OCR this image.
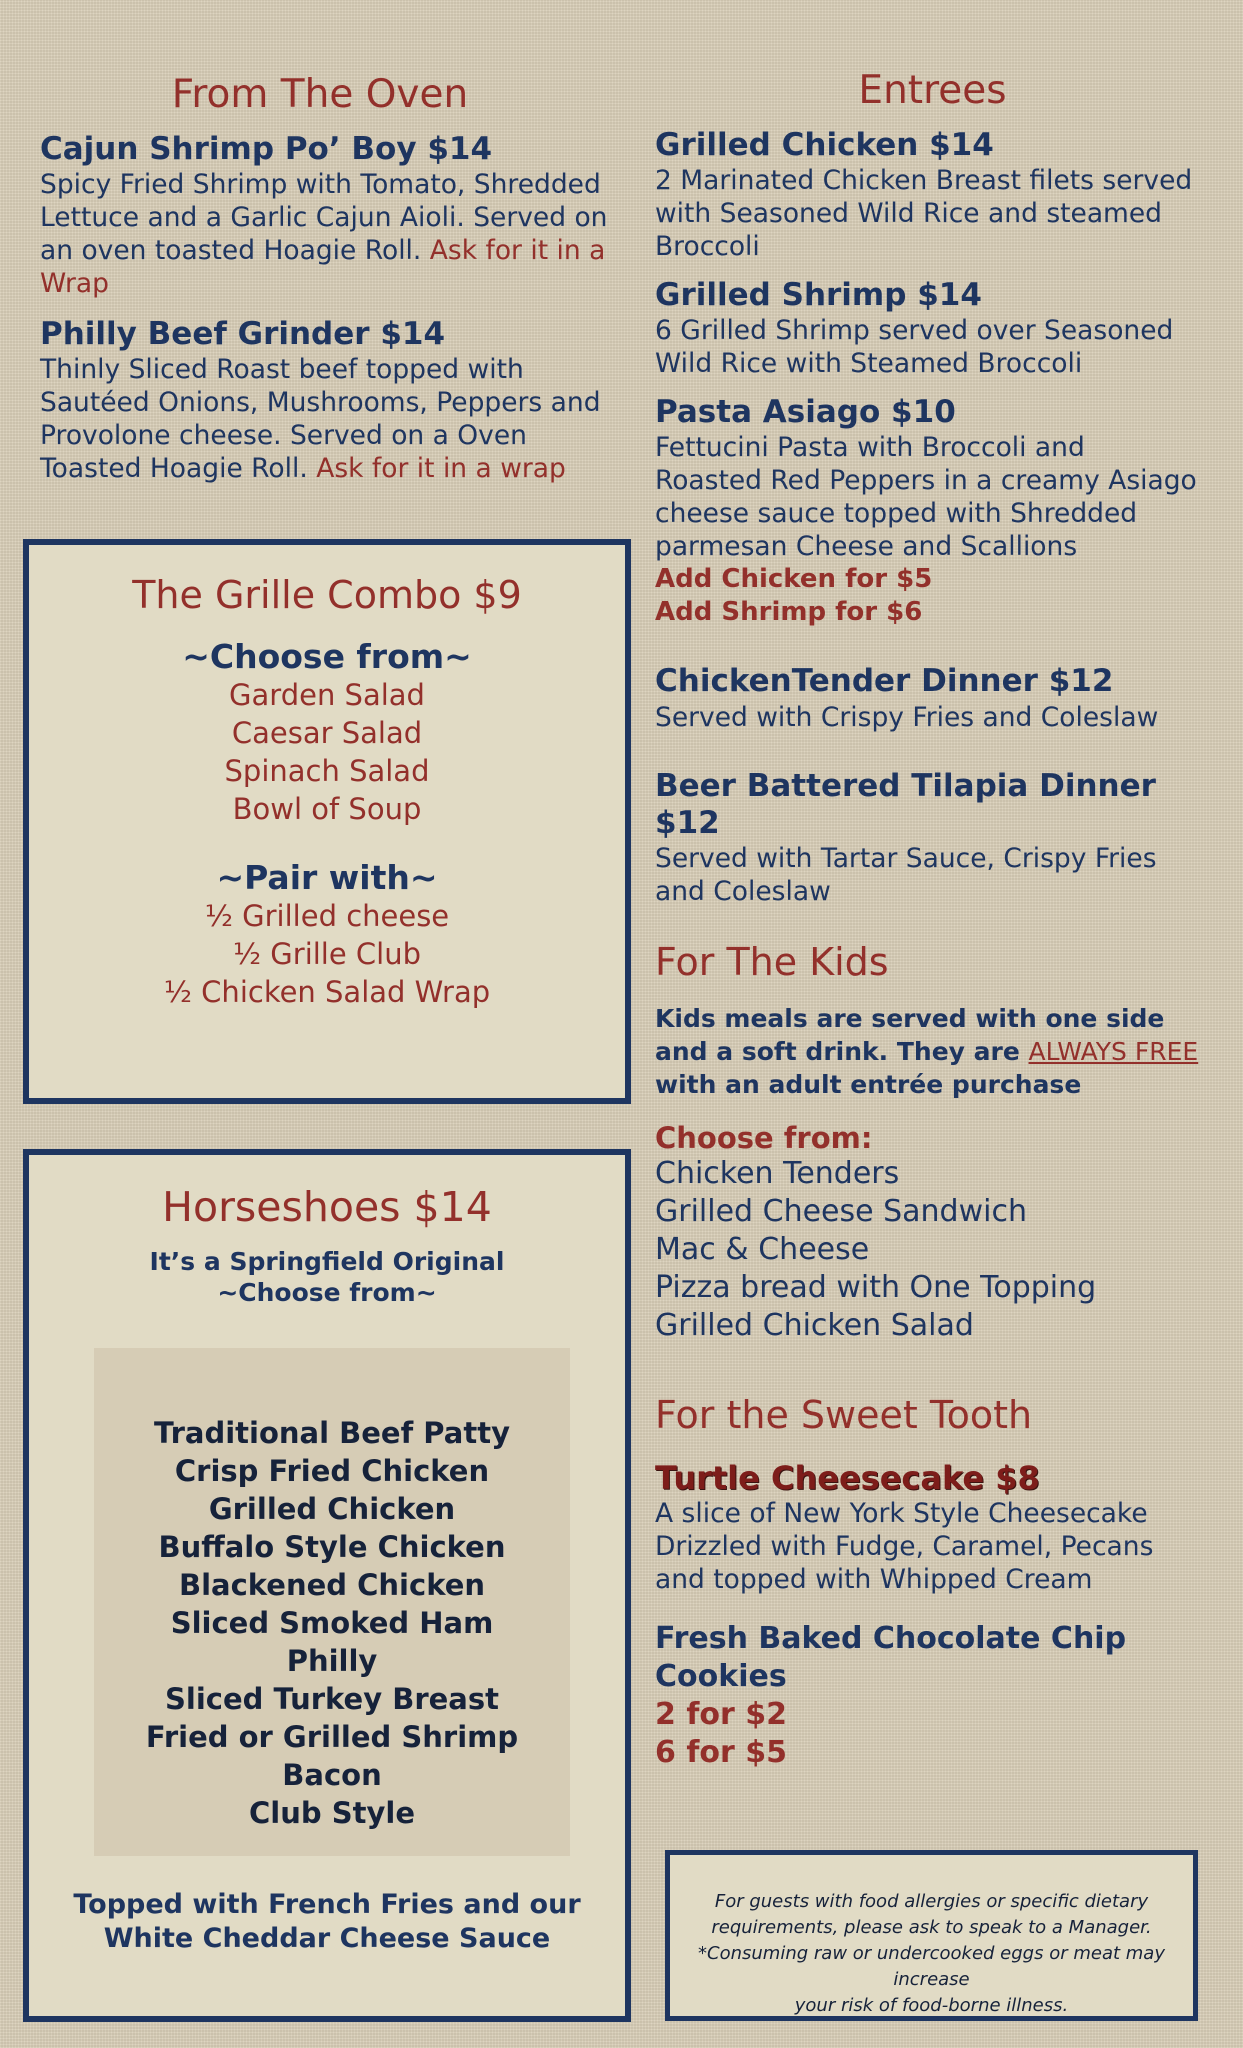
From The Oven
Cajun Shrimp Po’ Boy $14
Spicy Fried Shrimp with Tomato, Shredded Lettuce and a Garlic Cajun Aioli. Served on an oven toasted Hoagie Roll. Ask for it in a Wrap
Philly Beef Grinder $14
Thinly Sliced Roast beef topped with Sautéed Onions, Mushrooms, Peppers and Provolone cheese. Served on a Oven Toasted Hoagie Roll. Ask for it in a wrap
The Grille Combo $9
~Choose from~
Garden Salad
Caesar Salad
Spinach Salad
Bowl of Soup
~Pair with~
½ Grilled cheese
½ Grille Club
½ Chicken Salad Wrap
Horseshoes $14
It’s a Springfield Original
~Choose from~
Traditional Beef Patty
Crisp Fried Chicken
Grilled Chicken
Buffalo Style Chicken
Blackened Chicken
Sliced Smoked Ham
Philly
Sliced Turkey Breast
Fried or Grilled Shrimp
Bacon
Club Style
Topped with French Fries and our
White Cheddar Cheese Sauce
Entrees
Grilled Chicken $14
2 Marinated Chicken Breast filets served with Seasoned Wild Rice and steamed Broccoli
Grilled Shrimp $14
6 Grilled Shrimp served over Seasoned Wild Rice with Steamed Broccoli
Pasta Asiago $10
Fettucini Pasta with Broccoli and Roasted Red Peppers in a creamy Asiago cheese sauce topped with Shredded parmesan Cheese and Scallions
Add Chicken for $5
Add Shrimp for $6
ChickenTender Dinner $12
Served with Crispy Fries and Coleslaw
Beer Battered Tilapia Dinner $12
Served with Tartar Sauce, Crispy Fries and Coleslaw
For The Kids
Kids meals are served with one side and a soft drink. They are ALWAYS FREE with an adult entrée purchase
Choose from:
Chicken Tenders
Grilled Cheese Sandwich
Mac & Cheese
Pizza bread with One Topping
Grilled Chicken Salad
For the Sweet Tooth
Turtle Cheesecake $8
A slice of New York Style Cheesecake Drizzled with Fudge, Caramel, Pecans and topped with Whipped Cream
Fresh Baked Chocolate Chip
Cookies
2 for $2
6 for $5
For guests with food allergies or specific dietary
requirements, please ask to speak to a Manager.
*Consuming raw or undercooked eggs or meat may increase
your risk of food-borne illness.
